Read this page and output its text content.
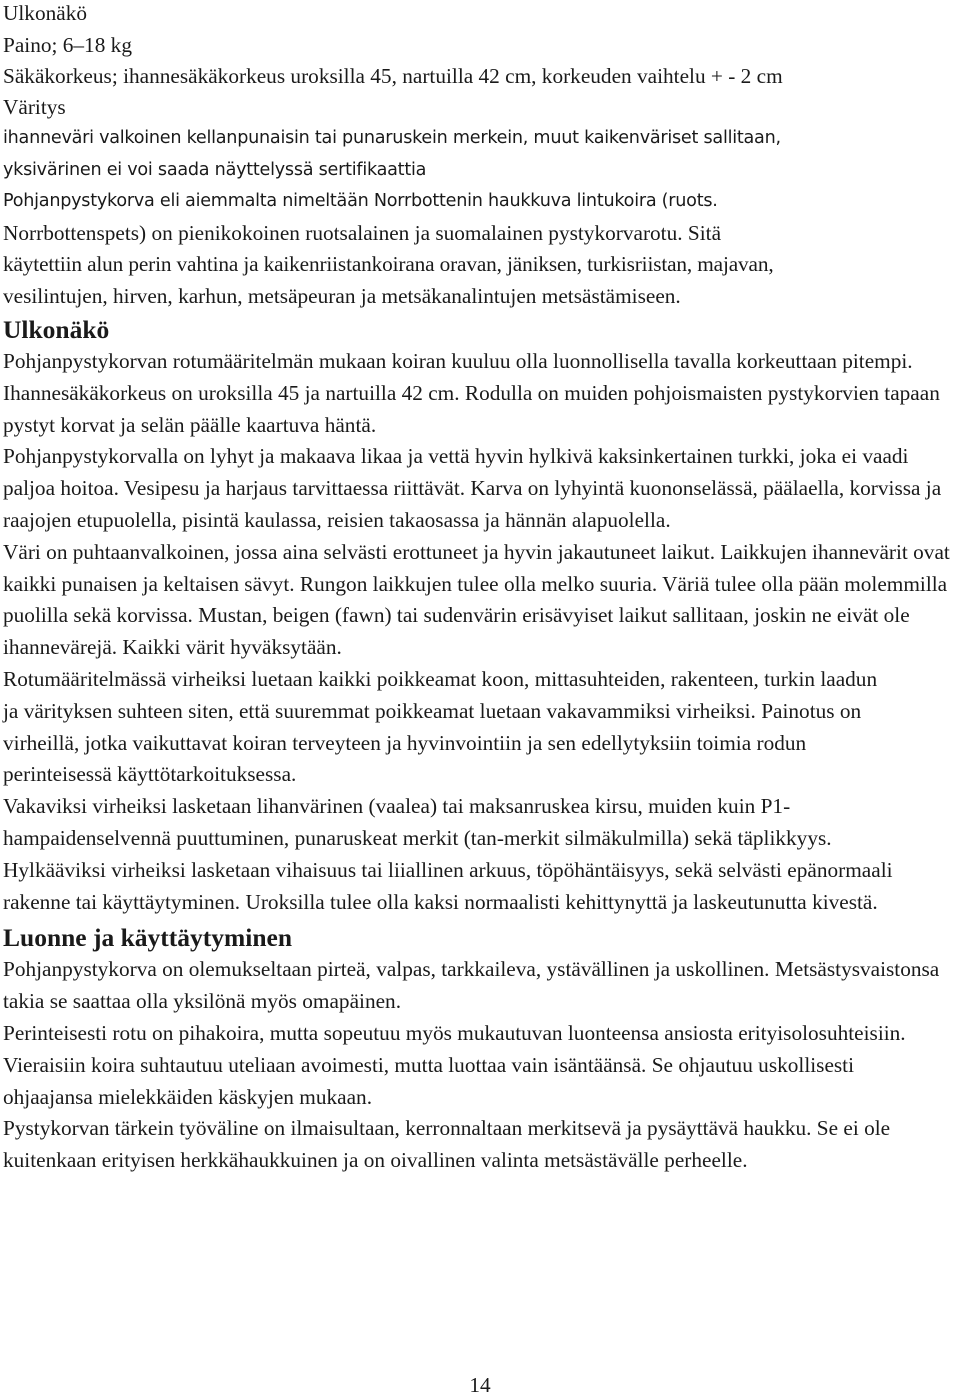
Ulkonäkö

Paino; 6–18 kg

Säkäkorkeus; ihannesäkäkorkeus uroksilla 45, nartuilla 42 cm, korkeuden vaihtelu + - 2 cm

Väritys

ihanneväri valkoinen kellanpunaisin tai punaruskein merkein, muut kaikenväriset sallitaan,

yksivärinen ei voi saada näyttelyssä sertifikaattia

Pohjanpystykorva eli aiemmalta nimeltään Norrbottenin haukkuva lintukoira (ruots.

Norrbottenspets) on pienikokoinen ruotsalainen ja suomalainen pystykorvarotu. Sitä

käytettiin alun perin vahtina ja kaikenriistankoirana oravan, jäniksen, turkisriistan, majavan,

vesilintujen, hirven, karhun, metsäpeuran ja metsäkanalintujen metsästämiseen.

Ulkonäkö

Pohjanpystykorvan rotumääritelmän mukaan koiran kuuluu olla luonnollisella tavalla korkeuttaan pitempi. Ihannesäkäkorkeus on uroksilla 45 ja nartuilla 42 cm. Rodulla on muiden pohjoismaisten pystykorvien tapaan pystyt korvat ja selän päälle kaartuva häntä.

Pohjanpystykorvalla on lyhyt ja makaava likaa ja vettä hyvin hylkivä kaksinkertainen turkki, joka ei vaadi paljoa hoitoa. Vesipesu ja harjaus tarvittaessa riittävät. Karva on lyhyintä kuononselässä, päälaella, korvissa ja raajojen etupuolella, pisintä kaulassa, reisien takaosassa ja hännän alapuolella.

Väri on puhtaanvalkoinen, jossa aina selvästi erottuneet ja hyvin jakautuneet laikut. Laikkujen ihannevärit ovat kaikki punaisen ja keltaisen sävyt. Rungon laikkujen tulee olla melko suuria. Väriä tulee olla pään molemmilla puolilla sekä korvissa. Mustan, beigen (fawn) tai sudenvärin erisävyiset laikut sallitaan, joskin ne eivät ole ihannevärejä. Kaikki värit hyväksytään.

Rotumääritelmässä virheiksi luetaan kaikki poikkeamat koon, mittasuhteiden, rakenteen, turkin laadun ja värityksen suhteen siten, että suuremmat poikkeamat luetaan vakavammiksi virheiksi. Painotus on virheillä, jotka vaikuttavat koiran terveyteen ja hyvinvointiin ja sen edellytyksiin toimia rodun perinteisessä käyttötarkoituksessa.

Vakaviksi virheiksi lasketaan lihanvärinen (vaalea) tai maksanruskea kirsu, muiden kuin P1-hampaidenselvennä puuttuminen, punaruskeat merkit (tan-merkit silmäkulmilla) sekä täplikkyys.

Hylkääviksi virheiksi lasketaan vihaisuus tai liiallinen arkuus, töpöhäntäisyys, sekä selvästi epänormaali rakenne tai käyttäytyminen. Uroksilla tulee olla kaksi normaalisti kehittynyttä ja laskeutunutta kivestä.

Luonne ja käyttäytyminen

Pohjanpystykorva on olemukseltaan pirteä, valpas, tarkkaileva, ystävällinen ja uskollinen. Metsästysvaistonsa takia se saattaa olla yksilönä myös omapäinen.

Perinteisesti rotu on pihakoira, mutta sopeutuu myös mukautuvan luonteensa ansiosta erityisolosuhteisiin. Vieraisiin koira suhtautuu uteliaan avoimesti, mutta luottaa vain isäntäänsä. Se ohjautuu uskollisesti ohjaajansa mielekkäiden käskyjen mukaan.

Pystykorvan tärkein työväline on ilmaisultaan, kerronnaltaan merkitsevä ja pysäyttävä haukku. Se ei ole kuitenkaan erityisen herkkähaukkuinen ja on oivallinen valinta metsästävälle perheelle.

14
